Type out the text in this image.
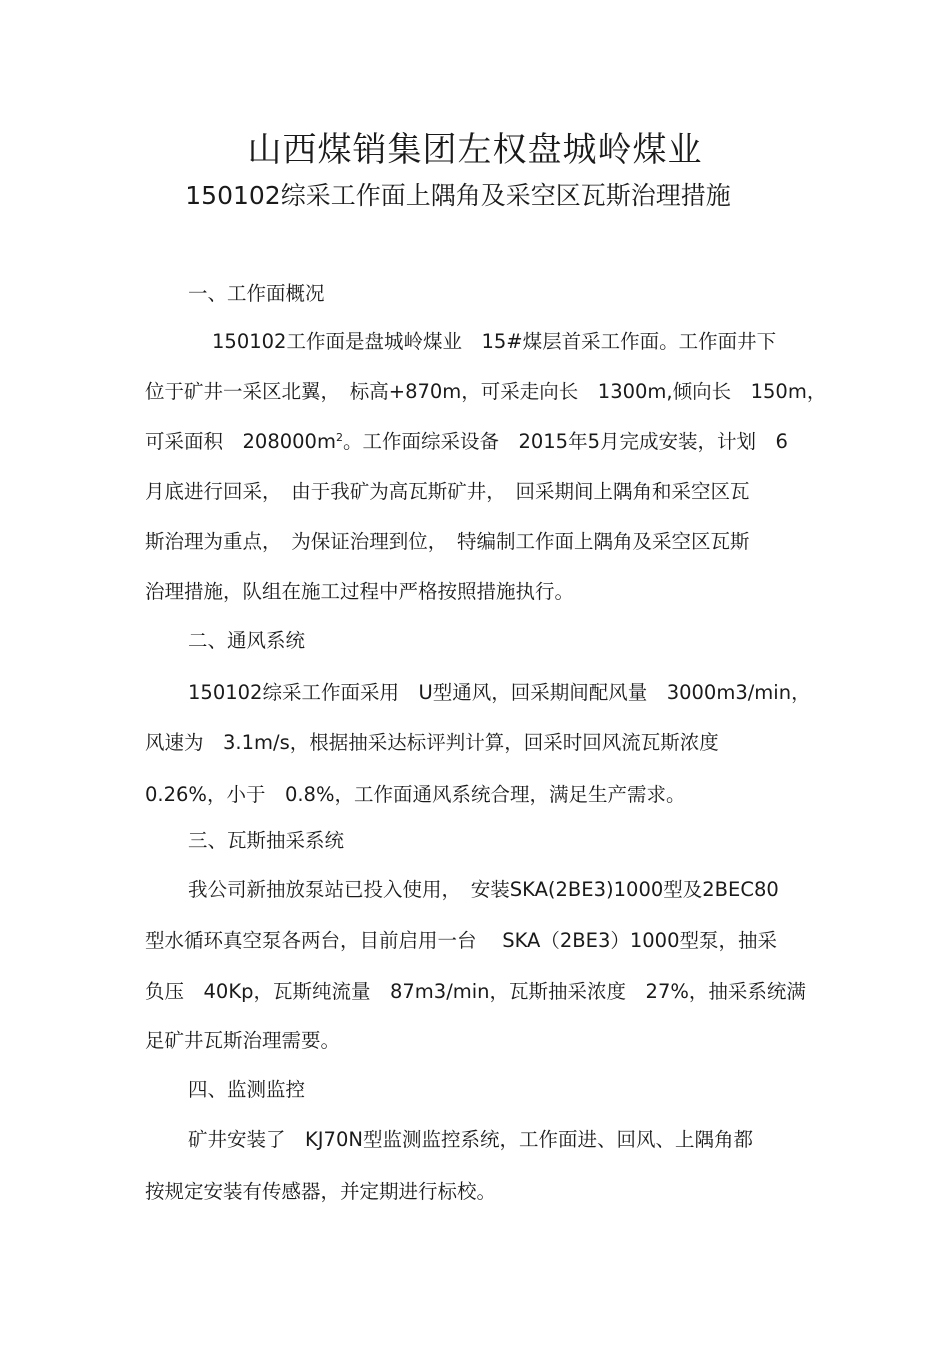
山西煤销集团左权盘城岭煤业
150102综采工作面上隅角及采空区瓦斯治理措施
一、工作面概况
150102工作面是盘城岭煤业　15#煤层首采工作面。工作面井下
位于矿井一采区北翼，　标高+870m，可采走向长　1300m,倾向长　150m，
可采面积　$208000m^2$。工作面综采设备　2015年5月完成安装，计划　6
月底进行回采，　由于我矿为高瓦斯矿井，　回采期间上隅角和采空区瓦
斯治理为重点，　为保证治理到位，　特编制工作面上隅角及采空区瓦斯
治理措施，队组在施工过程中严格按照措施执行。
二、通风系统
150102综采工作面采用　U型通风，回采期间配风量　3000m3/min，
风速为　3.1m/s，根据抽采达标评判计算，回采时回风流瓦斯浓度
0.26%，小于　0.8%，工作面通风系统合理，满足生产需求。
三、瓦斯抽采系统
我公司新抽放泵站已投入使用，　安装SKA(2BE3)1000型及2BEC80
型水循环真空泵各两台，目前启用一台　 SKA（2BE3）1000型泵，抽采
负压　40Kp，瓦斯纯流量　87m3/min，瓦斯抽采浓度　27%，抽采系统满
足矿井瓦斯治理需要。
四、监测监控
矿井安装了　KJ70N型监测监控系统，工作面进、回风、上隅角都
按规定安装有传感器，并定期进行标校。
